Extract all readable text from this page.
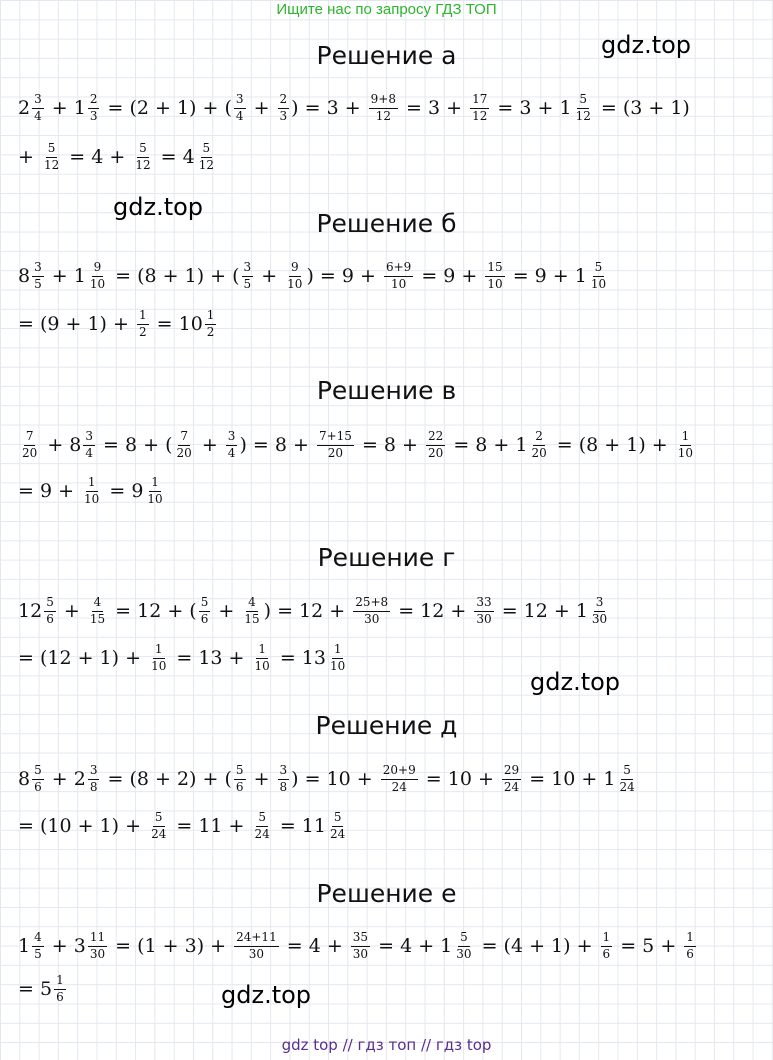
Ищите нас по запросу ГДЗ ТОП
gdz.top
gdz.top
gdz.top
gdz.top
Решение а
$2 \frac{3}{4} + 1 \frac{2}{3} = (2 + 1)$ + ( $\frac{3}{4} + \frac{2}{3}$ ) = $3 + \frac{9+8}{12} = 3 + \frac{17}{12} = 3 + 1 \frac{5}{12} = (3 + 1)$
+ $\frac{5}{12} = 4 + \frac{5}{12} = 4 \frac{5}{12}$
Решение б
$8 \frac{3}{5} + 1 \frac{9}{10} = (8 + 1)$ + ( $\frac{3}{5} + \frac{9}{10}$ ) = $9 + \frac{6+9}{10} = 9 + \frac{15}{10} = 9 + 1 \frac{5}{10}$
= $(9 + 1) + \frac{1}{2} = 10 \frac{1}{2}$
Решение в
$\frac{7}{20} + 8 \frac{3}{4} = 8$ + ( $\frac{7}{20} + \frac{3}{4}$ ) = $8 + \frac{7+15}{20} = 8 + \frac{22}{20} = 8 + 1 \frac{2}{20} = (8 + 1) + \frac{1}{10}$
= $9 + \frac{1}{10} = 9 \frac{1}{10}$
Решение г
$12 \frac{5}{6} + \frac{4}{15} = 12$ + ( $\frac{5}{6} + \frac{4}{15}$ ) = $12 + \frac{25+8}{30} = 12 + \frac{33}{30} = 12 + 1 \frac{3}{30}$
= $(12 + 1) + \frac{1}{10} = 13 + \frac{1}{10} = 13 \frac{1}{10}$
Решение д
$8 \frac{5}{6} + 2 \frac{3}{8} = (8 + 2)$ + ( $\frac{5}{6} + \frac{3}{8}$ ) = $10 + \frac{20+9}{24} = 10 + \frac{29}{24} = 10 + 1 \frac{5}{24}$
= $(10 + 1) + \frac{5}{24} = 11 + \frac{5}{24} = 11 \frac{5}{24}$
Решение е
$1 \frac{4}{5} + 3 \frac{11}{30} = (1 + 3) + \frac{24+11}{30} = 4 + \frac{35}{30} = 4 + 1 \frac{5}{30} = (4 + 1) + \frac{1}{6} = 5 + \frac{1}{6}$
= $5 \frac{1}{6}$
gdz top // гдз топ // гдз top
